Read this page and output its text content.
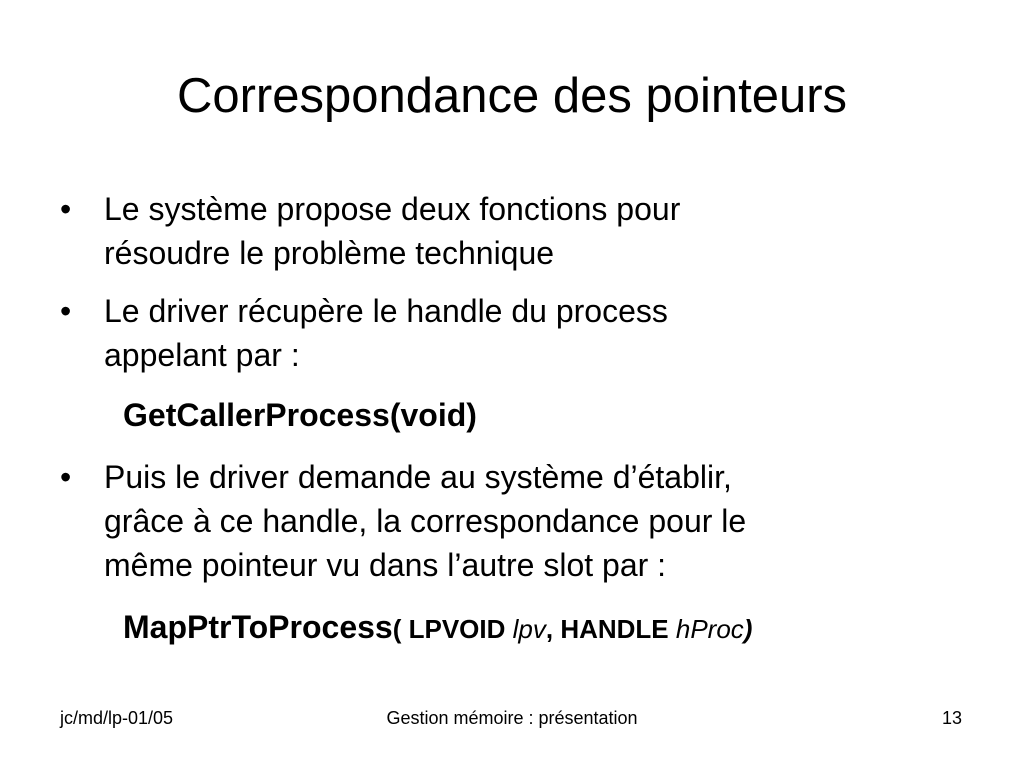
Correspondance des pointeurs
• Le système propose deux fonctions pour
résoudre le problème technique
• Le driver récupère le handle du process
appelant par :
GetCallerProcess(void)
• Puis le driver demande au système d’établir,
grâce à ce handle, la correspondance pour le
même pointeur vu dans l’autre slot par :
MapPtrToProcess( LPVOID lpv, HANDLE hProc)
jc/md/lp-01/05	Gestion mémoire : présentation	13
